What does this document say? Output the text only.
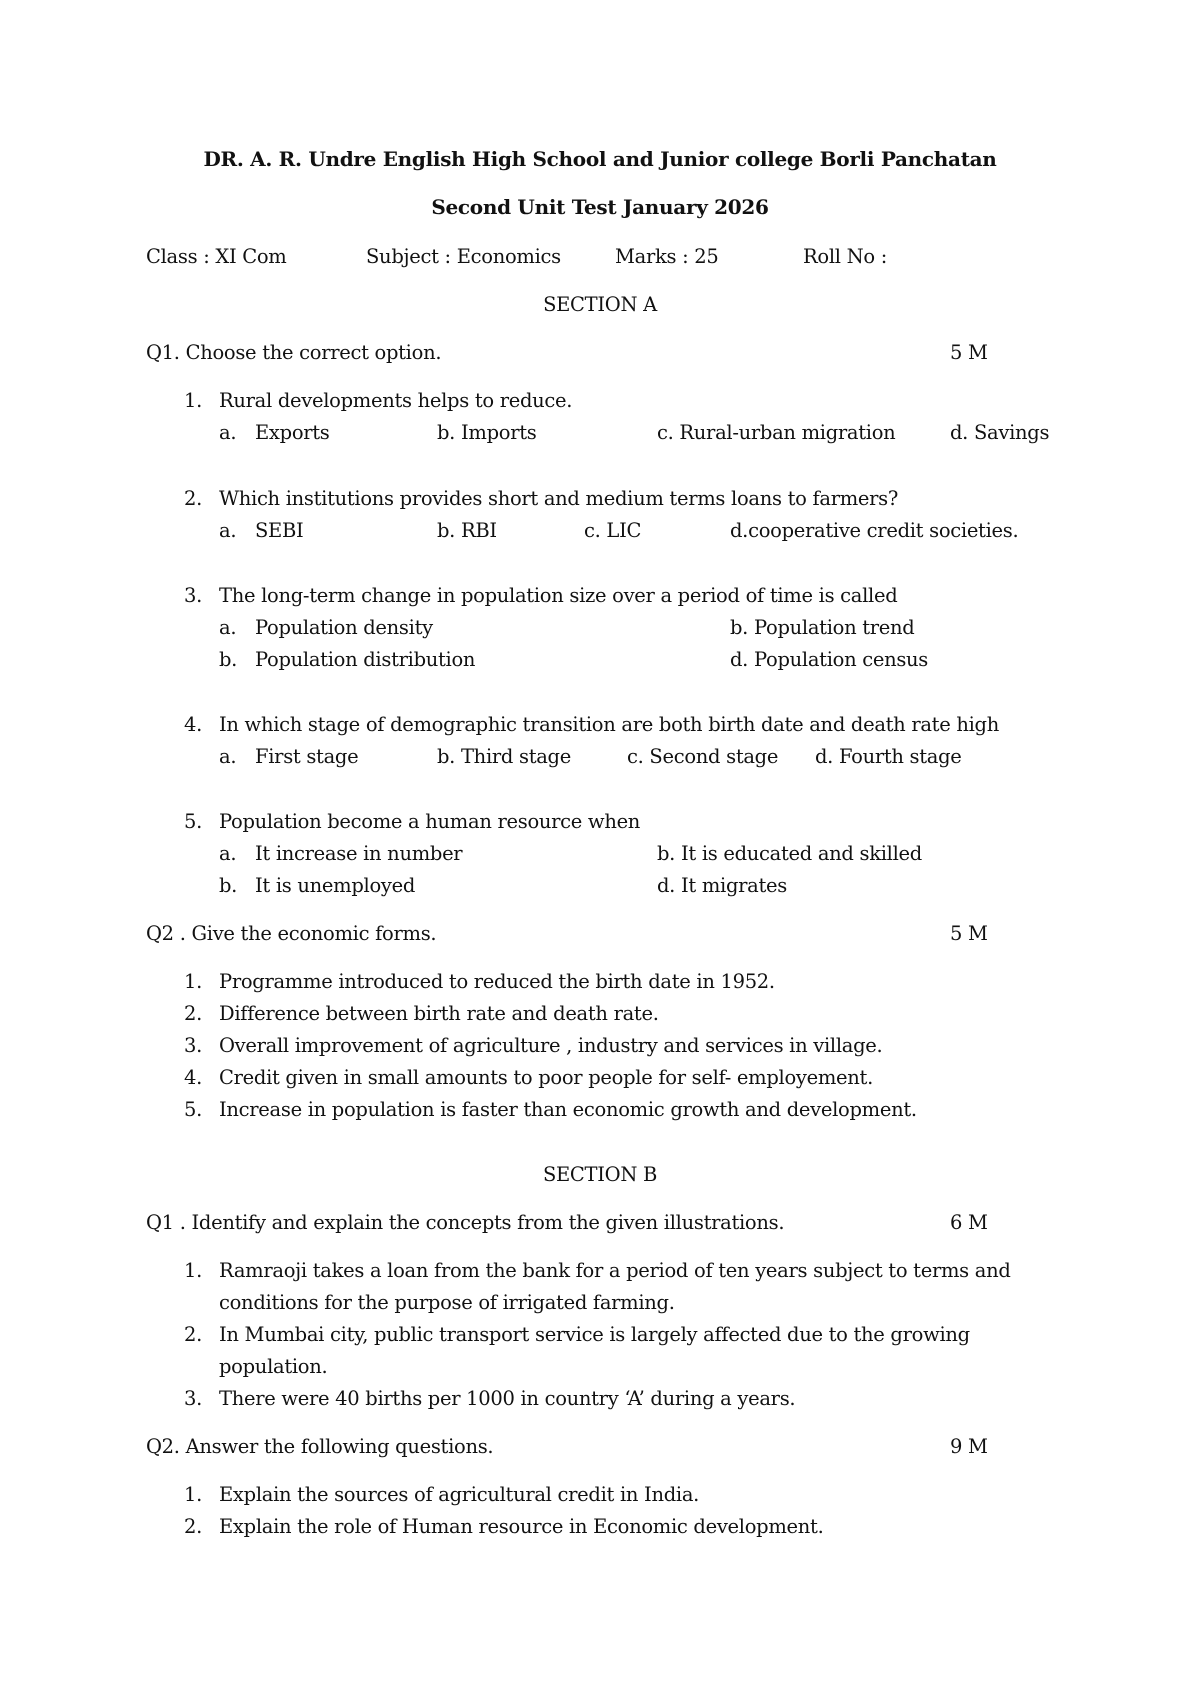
DR. A. R. Undre English High School and Junior college Borli Panchatan
Second Unit Test January 2026
Class : XI Com	Subject : Economics	Marks : 25	Roll No :
SECTION A
Q1. Choose the correct option.	5 M
1. Rural developments helps to reduce.
a. Exports	b. Imports	c. Rural-urban migration	d. Savings
2. Which institutions provides short and medium terms loans to farmers?
a. SEBI	b. RBI	c. LIC	d.cooperative credit societies.
3. The long-term change in population size over a period of time is called
a. Population density	b. Population trend
b. Population distribution	d. Population census
4. In which stage of demographic transition are both birth date and death rate high
a. First stage	b. Third stage	c. Second stage d. Fourth stage
5. Population become a human resource when
a. It increase in number	b. It is educated and skilled
b. It is unemployed	d. It migrates
Q2 . Give the economic forms.	5 M
1. Programme introduced to reduced the birth date in 1952.
2. Difference between birth rate and death rate.
3. Overall improvement of agriculture , industry and services in village.
4. Credit given in small amounts to poor people for self- employement.
5. Increase in population is faster than economic growth and development.
SECTION B
Q1 . Identify and explain the concepts from the given illustrations.	6 M
1. Ramraoji takes a loan from the bank for a period of ten years subject to terms and
conditions for the purpose of irrigated farming.
2. In Mumbai city, public transport service is largely affected due to the growing
population.
3. There were 40 births per 1000 in country ‘A’ during a years.
Q2. Answer the following questions.	9 M
1. Explain the sources of agricultural credit in India.
2. Explain the role of Human resource in Economic development.
